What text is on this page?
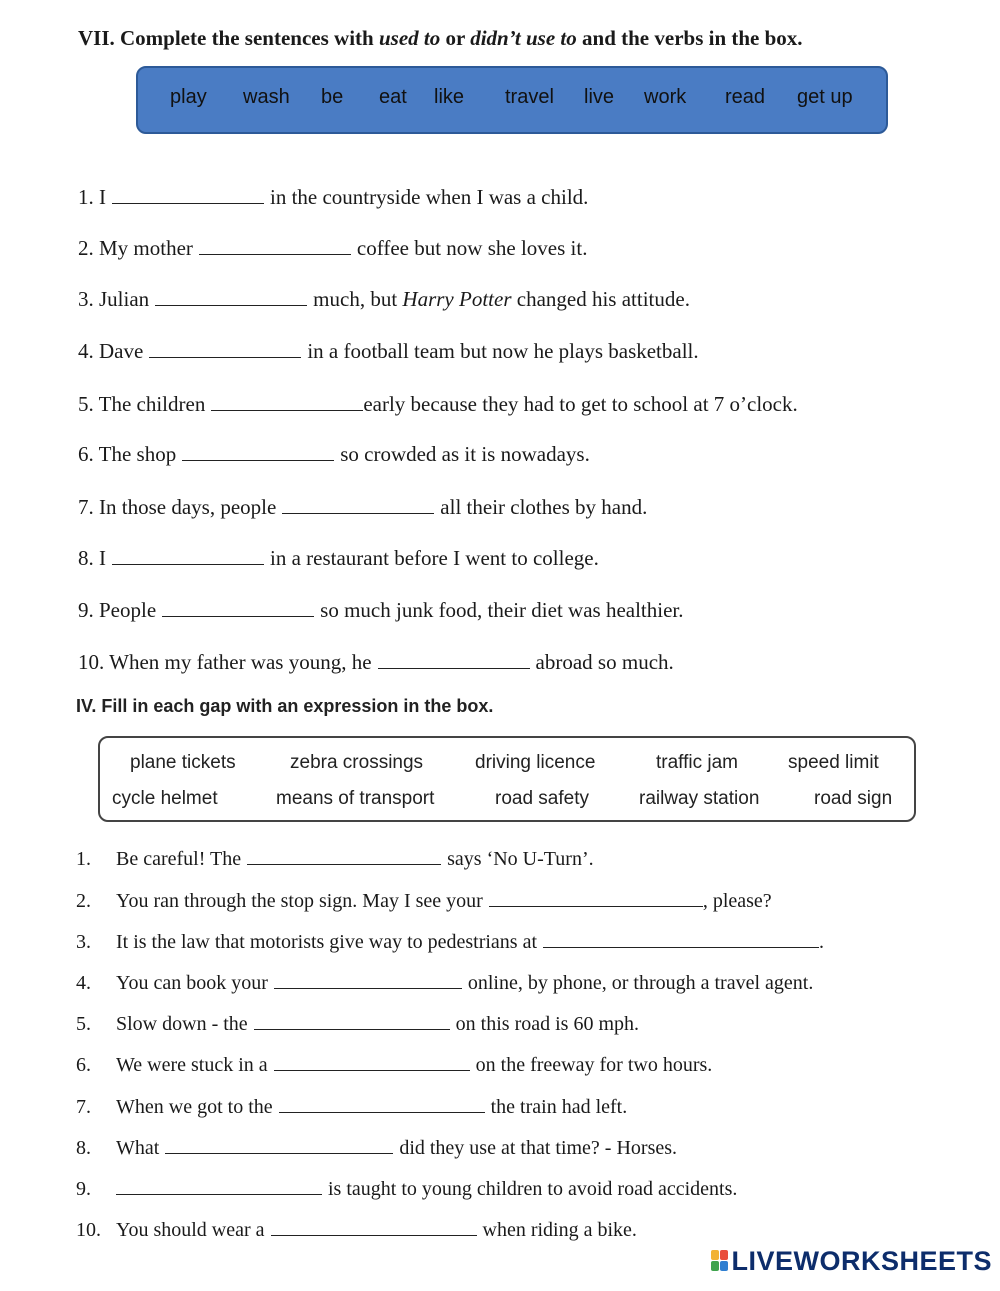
VII. Complete the sentences with used to or didn’t use to and the verbs in the box.
play wash be eat like travel live work read get up
1. I	in the countryside when I was a child.
2. My mother	coffee but now she loves it.
3. Julian	much, but Harry Potter changed his attitude.
4. Dave	in a football team but now he plays basketball.
5. The children	early because they had to get to school at 7 o’clock.
6. The shop	so crowded as it is nowadays.
7. In those days, people	all their clothes by hand.
8. I	in a restaurant before I went to college.
9. People	so much junk food, their diet was healthier.
10. When my father was young, he	abroad so much.
IV. Fill in each gap with an expression in the box.
plane tickets	zebra crossings	driving licence	traffic jam	speed limit
cycle helmet	means of transport	road safety	railway station	road sign
1. Be careful! The	says ‘No U-Turn’.
2. You ran through the stop sign. May I see your	, please?
3. It is the law that motorists give way to pedestrians at	.
4. You can book your	online, by phone, or through a travel agent.
5. Slow down - the	on this road is 60 mph.
6. We were stuck in a	on the freeway for two hours.
7. When we got to the	the train had left.
8. What	did they use at that time? - Horses.
9.	is taught to young children to avoid road accidents.
10. You should wear a	when riding a bike.
LIVEWORKSHEETS
